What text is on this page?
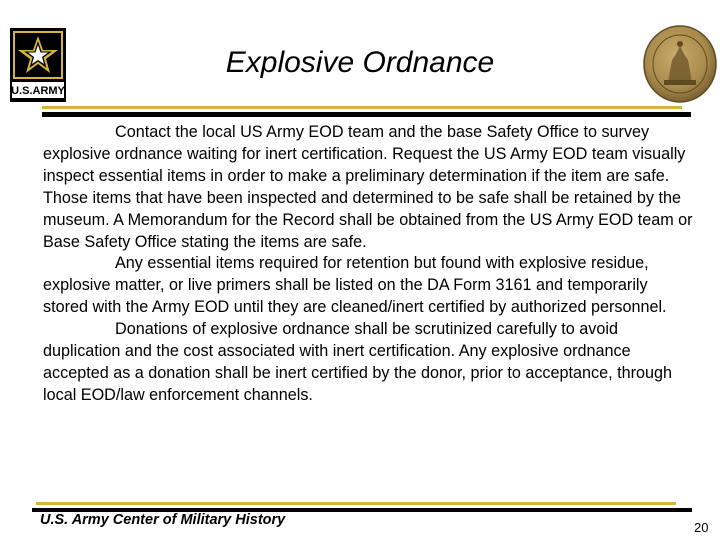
U.S.ARMY
Explosive Ordnance

Contact the local US Army EOD team and the base Safety Office to survey explosive ordnance waiting for inert certification. Request the US Army EOD team visually inspect essential items in order to make a preliminary determination if the item are safe. Those items that have been inspected and determined to be safe shall be retained by the museum. A Memorandum for the Record shall be obtained from the US Army EOD team or Base Safety Office stating the items are safe.

Any essential items required for retention but found with explosive residue, explosive matter, or live primers shall be listed on the DA Form 3161 and temporarily stored with the Army EOD until they are cleaned/inert certified by authorized personnel.

Donations of explosive ordnance shall be scrutinized carefully to avoid duplication and the cost associated with inert certification. Any explosive ordnance accepted as a donation shall be inert certified by the donor, prior to acceptance, through local EOD/law enforcement channels.

U.S. Army Center of Military History	20
